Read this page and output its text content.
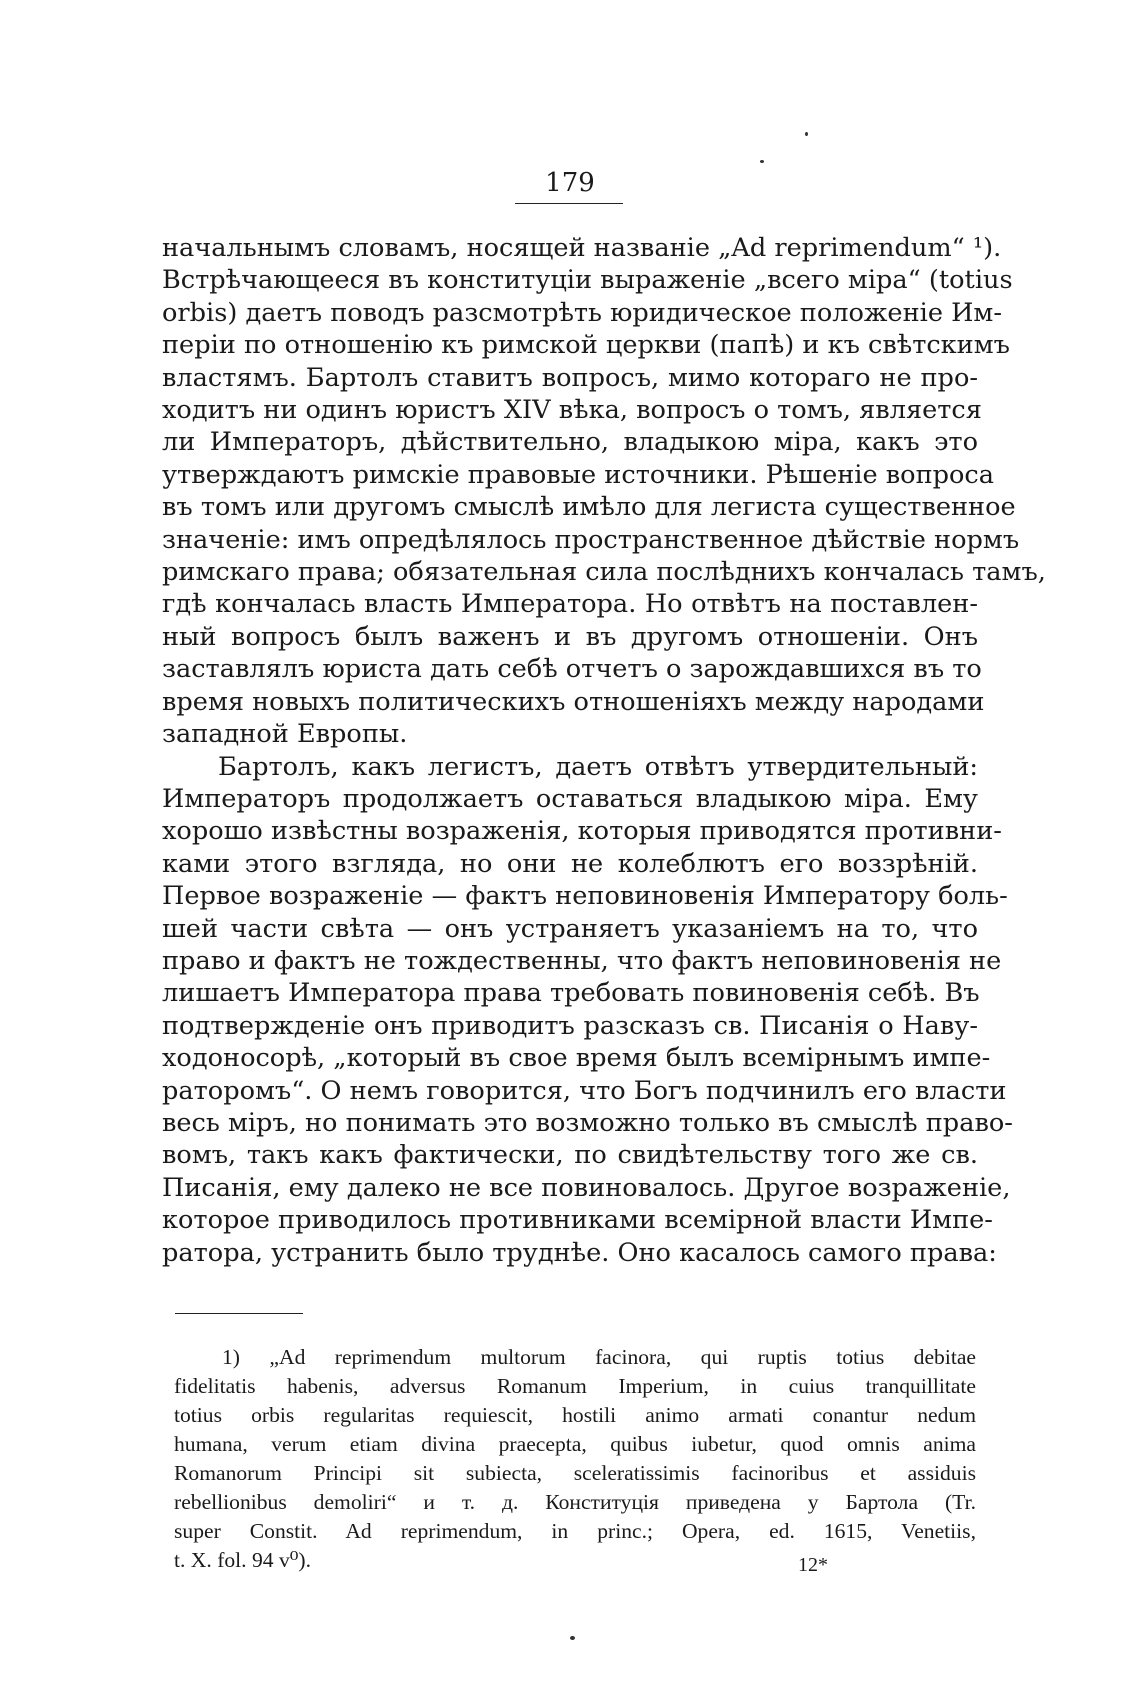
179
начальнымъ словамъ, носящей названіе „Ad reprimendum“ ¹).
Встрѣчающееся въ конституціи выраженіе „всего міра“ (totius
orbis) даетъ поводъ разсмотрѣть юридическое положеніе Им-
періи по отношенію къ римской церкви (папѣ) и къ свѣтскимъ
властямъ. Бартолъ ставитъ вопросъ, мимо котораго не про-
ходитъ ни одинъ юристъ XIV вѣка, вопросъ о томъ, является
ли Императоръ, дѣйствительно, владыкою міра, какъ это
утверждаютъ римскіе правовые источники. Рѣшеніе вопроса
въ томъ или другомъ смыслѣ имѣло для легиста существенное
значеніе: имъ опредѣлялось пространственное дѣйствіе нормъ
римскаго права; обязательная сила послѣднихъ кончалась тамъ,
гдѣ кончалась власть Императора. Но отвѣтъ на поставлен-
ный вопросъ былъ важенъ и въ другомъ отношеніи. Онъ
заставлялъ юриста дать себѣ отчетъ о зарождавшихся въ то
время новыхъ политическихъ отношеніяхъ между народами
западной Европы.
Бартолъ, какъ легистъ, даетъ отвѣтъ утвердительный:
Императоръ продолжаетъ оставаться владыкою міра. Ему
хорошо извѣстны возраженія, которыя приводятся противни-
ками этого взгляда, но они не колеблютъ его воззрѣній.
Первое возраженіе — фактъ неповиновенія Императору боль-
шей части свѣта — онъ устраняетъ указаніемъ на то, что
право и фактъ не тождественны, что фактъ неповиновенія не
лишаетъ Императора права требовать повиновенія себѣ. Въ
подтвержденіе онъ приводитъ разсказъ св. Писанія о Наву-
ходоносорѣ, „который въ свое время былъ всемірнымъ импе-
раторомъ“. О немъ говорится, что Богъ подчинилъ его власти
весь міръ, но понимать это возможно только въ смыслѣ право-
вомъ, такъ какъ фактически, по свидѣтельству того же св.
Писанія, ему далеко не все повиновалось. Другое возраженіе,
которое приводилось противниками всемірной власти Импе-
ратора, устранить было труднѣе. Оно касалось самого права:
1) „Ad reprimendum multorum facinora, qui ruptis totius debitae
fidelitatis habenis, adversus Romanum Imperium, in cuius tranquillitate
totius orbis regularitas requiescit, hostili animo armati conantur nedum
humana, verum etiam divina praecepta, quibus iubetur, quod omnis anima
Romanorum Principi sit subiecta, sceleratissimis facinoribus et assiduis
rebellionibus demoliri“ и т. д. Конституція приведена у Бартола (Tr.
super Constit. Ad reprimendum, in princ.; Opera, ed. 1615, Venetiis,
t. X. fol. 94 v⁰).	12*
